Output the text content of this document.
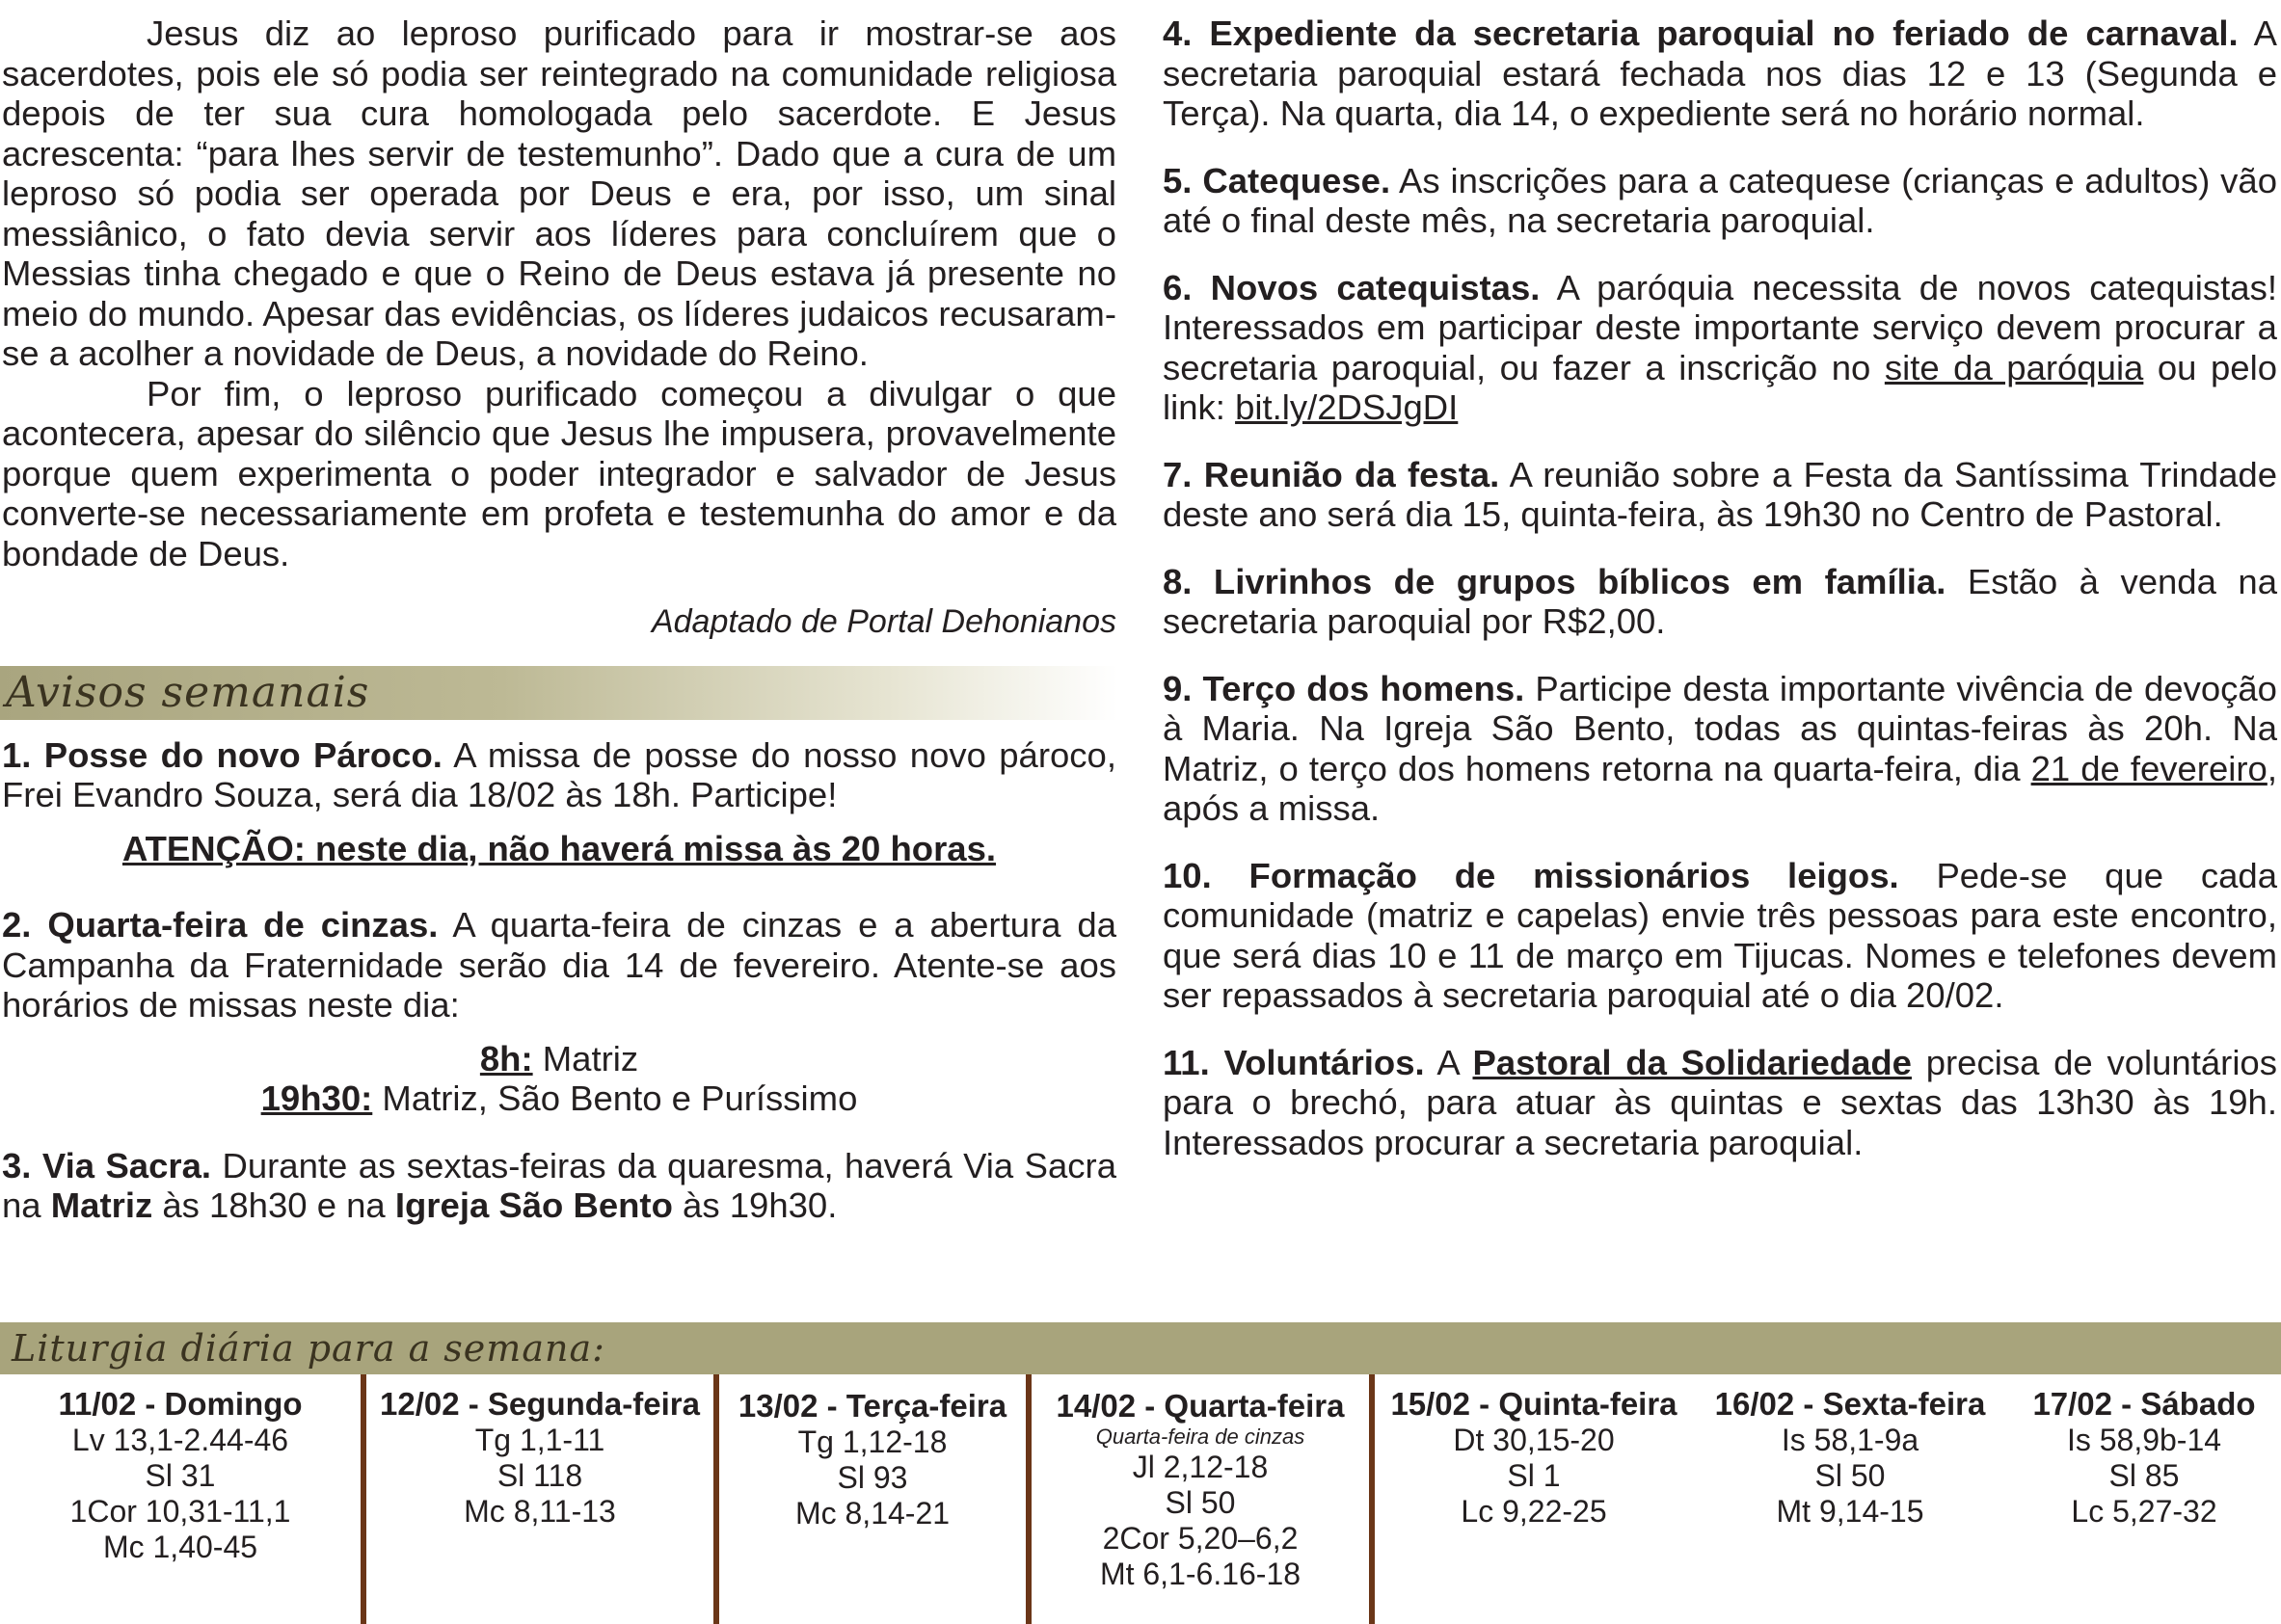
Jesus diz ao leproso purificado para ir mostrar-se aos sacerdotes, pois ele só podia ser reintegrado na comunidade religiosa depois de ter sua cura homologada pelo sacerdote. E Jesus acrescenta: “para lhes servir de testemunho”. Dado que a cura de um leproso só podia ser operada por Deus e era, por isso, um sinal messiânico, o fato devia servir aos líderes para concluírem que o Messias tinha chegado e que o Reino de Deus estava já presente no meio do mundo. Apesar das evidências, os líderes judaicos recusaram-se a acolher a novidade de Deus, a novidade do Reino.

Por fim, o leproso purificado começou a divulgar o que acontecera, apesar do silêncio que Jesus lhe impusera, provavelmente porque quem experimenta o poder integrador e salvador de Jesus converte-se necessariamente em profeta e testemunha do amor e da bondade de Deus.

Adaptado de Portal Dehonianos

Avisos semanais

1. Posse do novo Pároco. A missa de posse do nosso novo pároco, Frei Evandro Souza, será dia 18/02 às 18h. Participe!

ATENÇÃO: neste dia, não haverá missa às 20 horas.

2. Quarta-feira de cinzas. A quarta-feira de cinzas e a abertura da Campanha da Fraternidade serão dia 14 de fevereiro. Atente-se aos horários de missas neste dia:

8h: Matriz

19h30: Matriz, São Bento e Puríssimo

3. Via Sacra. Durante as sextas-feiras da quaresma, haverá Via Sacra na Matriz às 18h30 e na Igreja São Bento às 19h30.

4. Expediente da secretaria paroquial no feriado de carnaval. A secretaria paroquial estará fechada nos dias 12 e 13 (Segunda e Terça). Na quarta, dia 14, o expediente será no horário normal.

5. Catequese. As inscrições para a catequese (crianças e adultos) vão até o final deste mês, na secretaria paroquial.

6. Novos catequistas. A paróquia necessita de novos catequistas! Interessados em participar deste importante serviço devem procurar a secretaria paroquial, ou fazer a inscrição no site da paróquia ou pelo link: bit.ly/2DSJgDI

7. Reunião da festa. A reunião sobre a Festa da Santíssima Trindade deste ano será dia 15, quinta-feira, às 19h30 no Centro de Pastoral.

8. Livrinhos de grupos bíblicos em família. Estão à venda na secretaria paroquial por R$2,00.

9. Terço dos homens. Participe desta importante vivência de devoção à Maria. Na Igreja São Bento, todas as quintas-feiras às 20h. Na Matriz, o terço dos homens retorna na quarta-feira, dia 21 de fevereiro, após a missa.

10. Formação de missionários leigos. Pede-se que cada comunidade (matriz e capelas) envie três pessoas para este encontro, que será dias 10 e 11 de março em Tijucas. Nomes e telefones devem ser repassados à secretaria paroquial até o dia 20/02.

11. Voluntários. A Pastoral da Solidariedade precisa de voluntários para o brechó, para atuar às quintas e sextas das 13h30 às 19h. Interessados procurar a secretaria paroquial.

Liturgia diária para a semana:
11/02 - Domingo
Lv 13,1-2.44-46
Sl 31
1Cor 10,31-11,1
Mc 1,40-45
12/02 - Segunda-feira
Tg 1,1-11
Sl 118
Mc 8,11-13
13/02 - Terça-feira
Tg 1,12-18
Sl 93
Mc 8,14-21
14/02 - Quarta-feira
Quarta-feira de cinzas
Jl 2,12-18
Sl 50
2Cor 5,20–6,2
Mt 6,1-6.16-18
15/02 - Quinta-feira
Dt 30,15-20
Sl 1
Lc 9,22-25
16/02 - Sexta-feira
Is 58,1-9a
Sl 50
Mt 9,14-15
17/02 - Sábado
Is 58,9b-14
Sl 85
Lc 5,27-32
